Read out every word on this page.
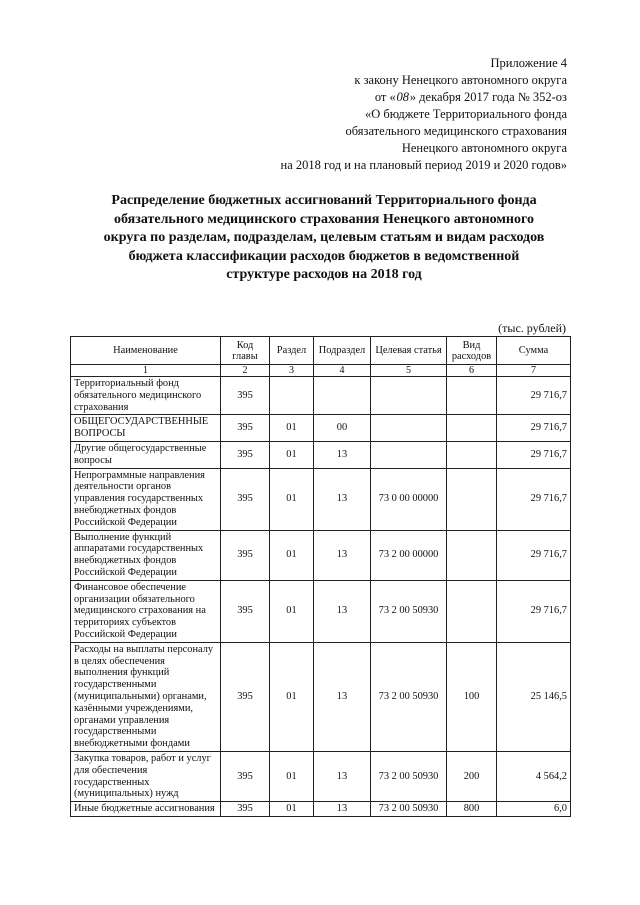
Приложение 4
к закону Ненецкого автономного округа
от «08» декабря 2017 года № 352-оз
«О бюджете Территориального фонда
обязательного медицинского страхования
Ненецкого автономного округа
на 2018 год и на плановый период 2019 и 2020 годов»
Распределение бюджетных ассигнований Территориального фонда
обязательного медицинского страхования Ненецкого автономного
округа по разделам, подразделам, целевым статьям и видам расходов
бюджета классификации расходов бюджетов в ведомственной
структуре расходов на 2018 год
(тыс. рублей)
Наименование	Код главы	Раздел	Подраздел	Целевая статья	Вид расходов	Сумма
1	2	3	4	5	6	7
Территориальный фонд обязательного медицинского страхования	395					29 716,7
ОБЩЕГОСУДАРСТВЕННЫЕ ВОПРОСЫ	395	01	00			29 716,7
Другие общегосударственные вопросы	395	01	13			29 716,7
Непрограммные направления деятельности органов управления государственных внебюджетных фондов Российской Федерации	395	01	13	73 0 00 00000		29 716,7
Выполнение функций аппаратами государственных внебюджетных фондов Российской Федерации	395	01	13	73 2 00 00000		29 716,7
Финансовое обеспечение организации обязательного медицинского страхования на территориях субъектов Российской Федерации	395	01	13	73 2 00 50930		29 716,7
Расходы на выплаты персоналу в целях обеспечения выполнения функций государственными (муниципальными) органами, казёнными учреждениями, органами управления государственными внебюджетными фондами	395	01	13	73 2 00 50930	100	25 146,5
Закупка товаров, работ и услуг для обеспечения государственных (муниципальных) нужд	395	01	13	73 2 00 50930	200	4 564,2
Иные бюджетные ассигнования	395	01	13	73 2 00 50930	800	6,0
